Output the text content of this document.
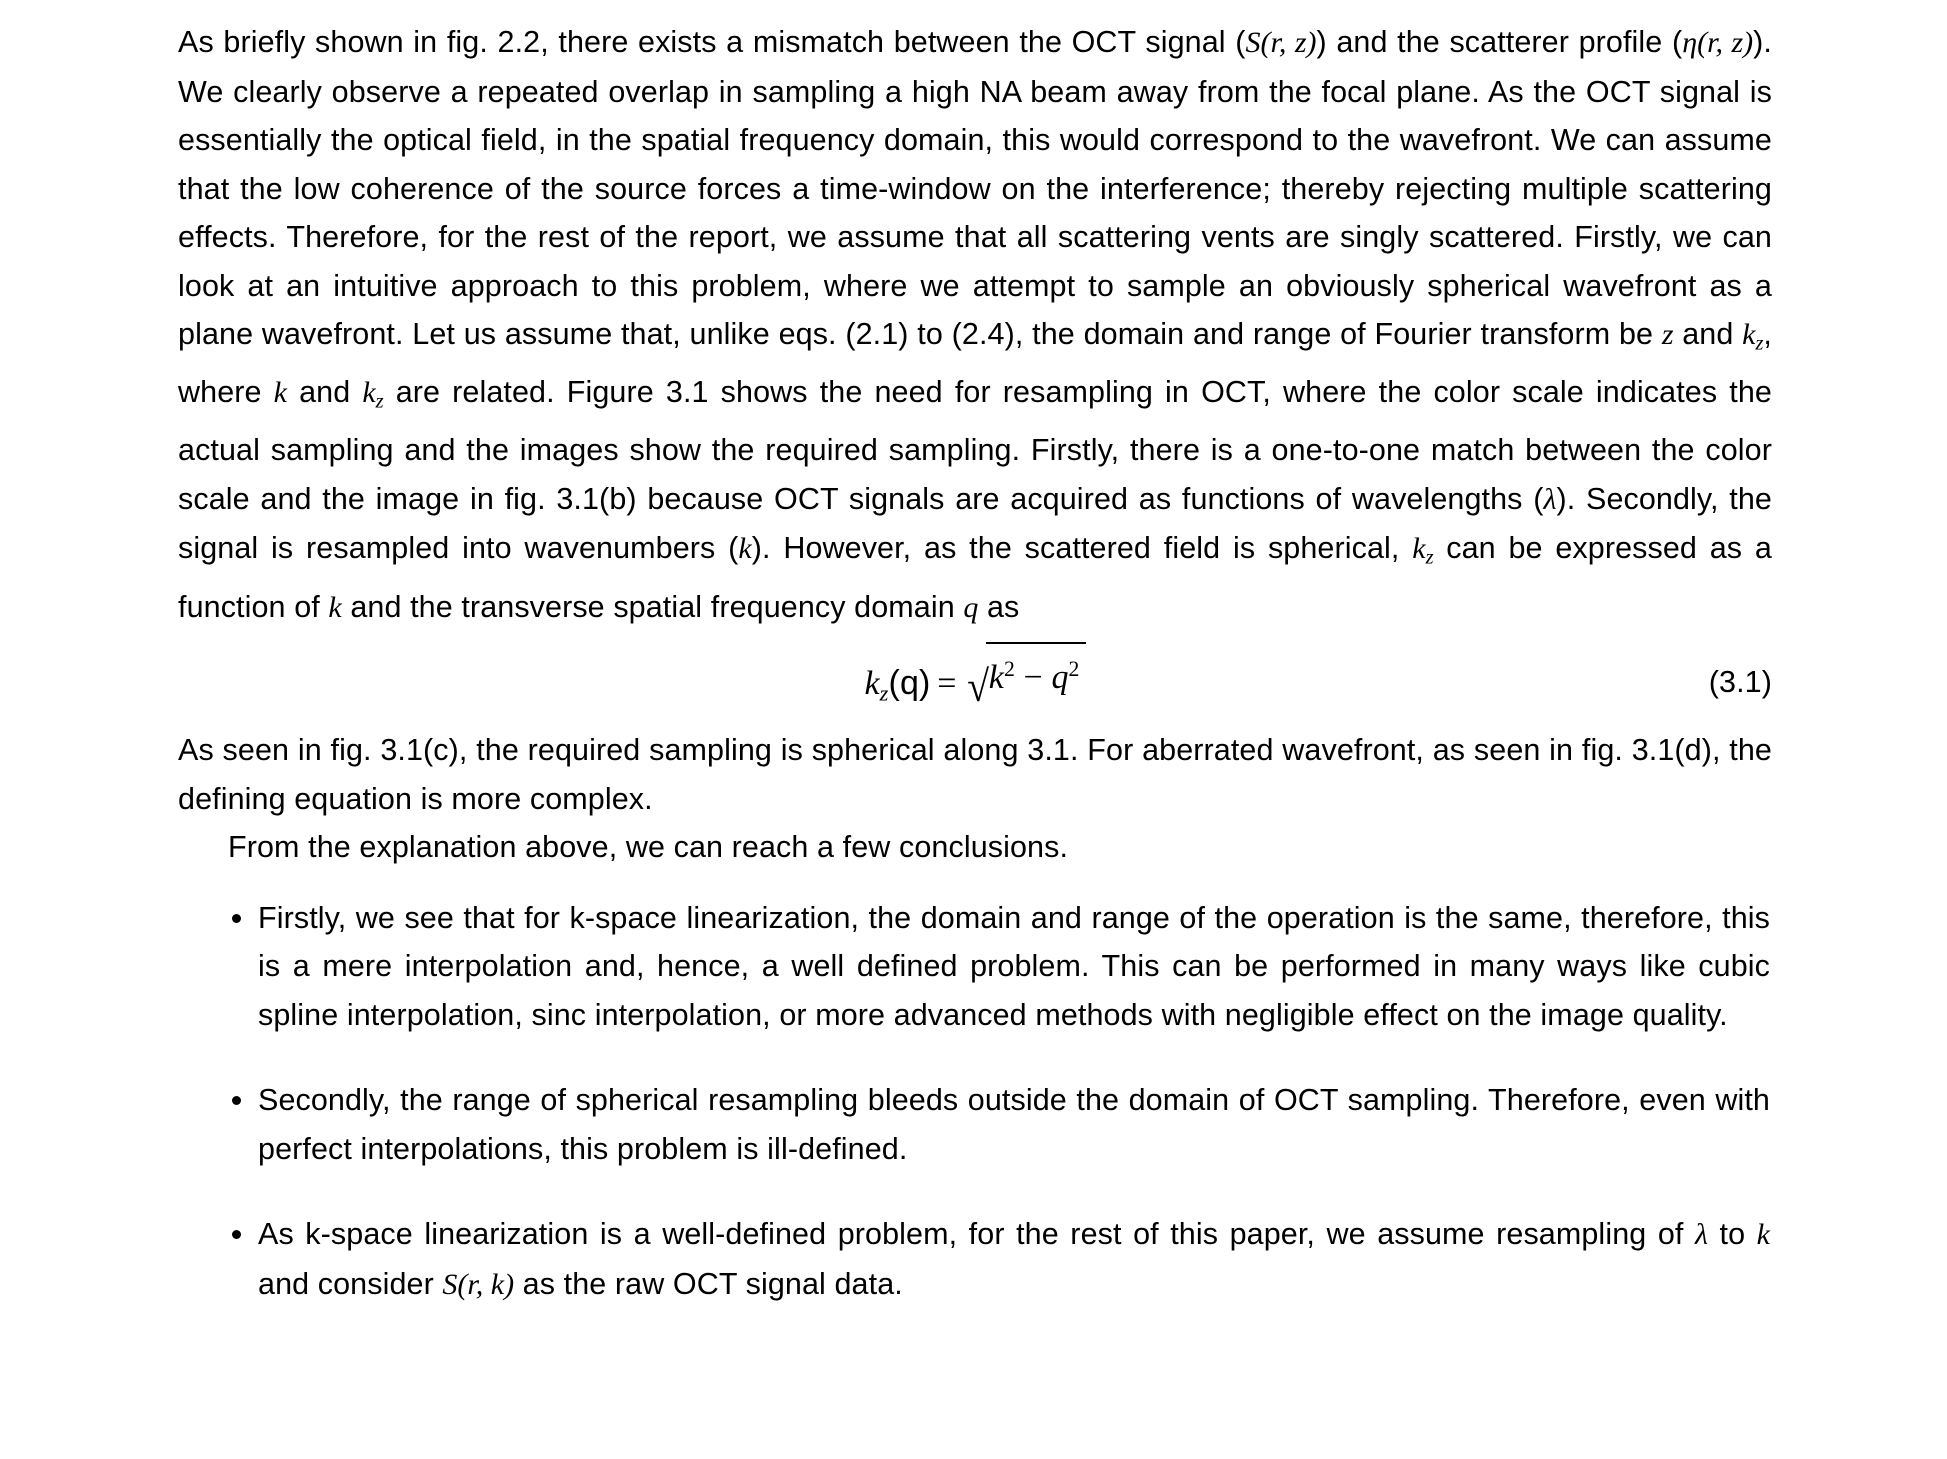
As briefly shown in fig. 2.2, there exists a mismatch between the OCT signal (S(r, z)) and the scatterer profile (η(r, z)). We clearly observe a repeated overlap in sampling a high NA beam away from the focal plane. As the OCT signal is essentially the optical field, in the spatial frequency domain, this would correspond to the wavefront. We can assume that the low coherence of the source forces a time-window on the interference; thereby rejecting multiple scattering effects. Therefore, for the rest of the report, we assume that all scattering vents are singly scattered. Firstly, we can look at an intuitive approach to this problem, where we attempt to sample an obviously spherical wavefront as a plane wavefront. Let us assume that, unlike eqs. (2.1) to (2.4), the domain and range of Fourier transform be z and $k_z$, where k and $k_z$ are related. Figure 3.1 shows the need for resampling in OCT, where the color scale indicates the actual sampling and the images show the required sampling. Firstly, there is a one-to-one match between the color scale and the image in fig. 3.1(b) because OCT signals are acquired as functions of wavelengths (λ). Secondly, the signal is resampled into wavenumbers (k). However, as the scattered field is spherical, $k_z$ can be expressed as a function of k and the transverse spatial frequency domain q as

$k_z(q) = √k^2 - q^2$	(3.1)

As seen in fig. 3.1(c), the required sampling is spherical along 3.1. For aberrated wavefront, as seen in fig. 3.1(d), the defining equation is more complex.

From the explanation above, we can reach a few conclusions.

Firstly, we see that for k-space linearization, the domain and range of the operation is the same, therefore, this is a mere interpolation and, hence, a well defined problem. This can be performed in many ways like cubic spline interpolation, sinc interpolation, or more advanced methods with negligible effect on the image quality.
Secondly, the range of spherical resampling bleeds outside the domain of OCT sampling. Therefore, even with perfect interpolations, this problem is ill-defined.
As k-space linearization is a well-defined problem, for the rest of this paper, we assume resampling of λ to k and consider S(r, k) as the raw OCT signal data.
